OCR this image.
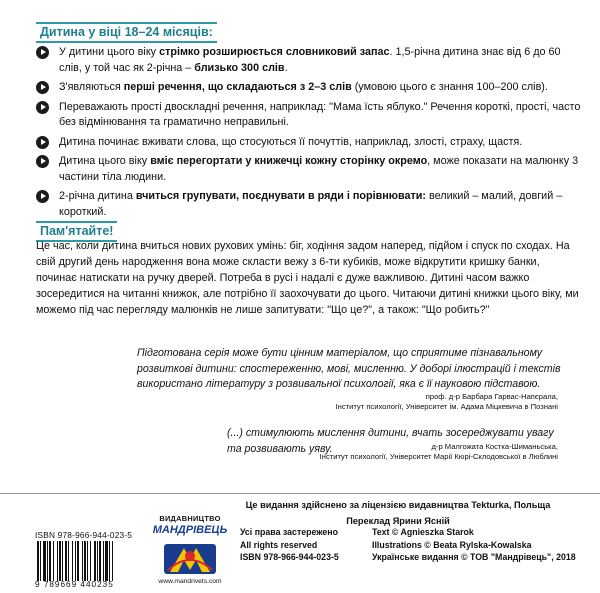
Дитина у віці 18–24 місяців:
У дитини цього віку стрімко розширюється словниковий запас. 1,5-річна дитина знає від 6 до 60 слів, у той час як 2-річна – близько 300 слів.
З'являються перші речення, що складаються з 2–3 слів (умовою цього є знання 100–200 слів).
Переважають прості двоскладні речення, наприклад: "Мама їсть яблуко." Речення короткі, прості, часто без відмінювання та граматично неправильні.
Дитина починає вживати слова, що стосуються її почуттів, наприклад, злості, страху, щастя.
Дитина цього віку вміє перегортати у книжечці кожну сторінку окремо, може показати на малюнку 3 частини тіла людини.
2-річна дитина вчиться групувати, поєднувати в ряди і порівнювати: великий – малий, довгий – короткий.
Пам'ятайте!

Це час, коли дитина вчиться нових рухових умінь: біг, ходіння задом наперед, підйом і спуск по сходах. На свій другий день народження вона може скласти вежу з 6-ти кубиків, може відкрутити кришку банки, починає натискати на ручку дверей. Потреба в русі і надалі є дуже важливою. Дитині часом важко зосередитися на читанні книжок, але потрібно її заохочувати до цього. Читаючи дитині книжки цього віку, ми можемо під час перегляду малюнків не лише запитувати: "Що це?", а також: "Що робить?"

Підготована серія може бути цінним матеріалом, що сприятиме пізнавальному розвиткові дитини: спостереженню, мові, мисленню. У доборі ілюстрацій і текстів використано літературу з розвивальної психології, яка є її науковою підставою.
проф. д-р Барбара Гарвас-Напєрала,
Інститут психології, Університет ім. Адама Міцкевича в Познані
(...) стимулюють мислення дитини, вчать зосереджувати увагу та розвивають уяву.	д-р Малгожата Костка-Шиманьська,
Інститут психології, Університет Марії Кюрі-Склодовської в Люблині
Це видання здійснено за ліцензією видавництва Tekturka, Польща
Переклад Ярини Ясній
ISBN 978-966-944-023-5
9 789669 440235
ВИДАВНИЦТВО
МАНДРІВЕЦЬ
www.mandrivets.com
Усі права застережено
All rights reserved
ISBN 978-966-944-023-5
Text © Agnieszka Starok
Illustrations © Beata Rylska-Kowalska
Українське видання © ТОВ "Мандрівець", 2018
